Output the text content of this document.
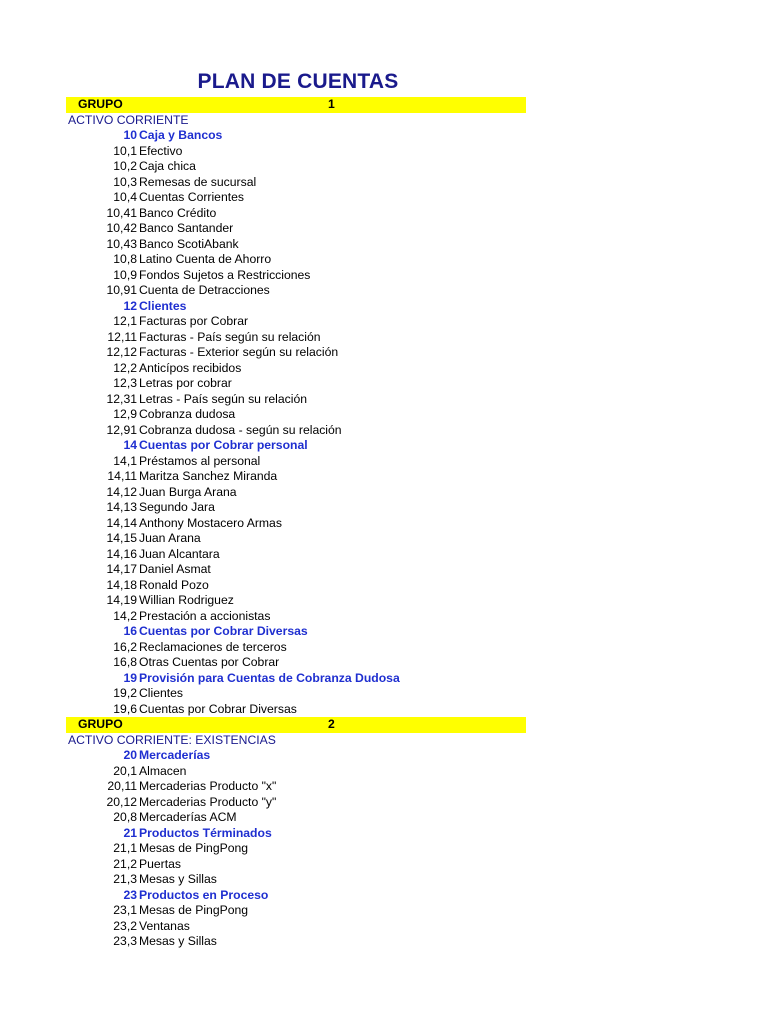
PLAN DE CUENTAS
GRUPO	1
ACTIVO CORRIENTE
10 Caja y Bancos
10,1 Efectivo
10,2 Caja chica
10,3 Remesas de sucursal
10,4 Cuentas Corrientes
10,41 Banco Crédito
10,42 Banco Santander
10,43 Banco ScotiAbank
10,8 Latino Cuenta de Ahorro
10,9 Fondos Sujetos a Restricciones
10,91 Cuenta de Detracciones
12 Clientes
12,1 Facturas por Cobrar
12,11 Facturas - País según su relación
12,12 Facturas - Exterior según su relación
12,2 Anticípos recibidos
12,3 Letras por cobrar
12,31 Letras - País según su relación
12,9 Cobranza dudosa
12,91 Cobranza dudosa - según su relación
14 Cuentas por Cobrar personal
14,1 Préstamos al personal
14,11 Maritza Sanchez Miranda
14,12 Juan Burga Arana
14,13 Segundo Jara
14,14 Anthony Mostacero Armas
14,15 Juan Arana
14,16 Juan Alcantara
14,17 Daniel Asmat
14,18 Ronald Pozo
14,19 Willian Rodriguez
14,2 Prestación a accionistas
16 Cuentas por Cobrar Diversas
16,2 Reclamaciones de terceros
16,8 Otras Cuentas por Cobrar
19 Provisión para Cuentas de Cobranza Dudosa
19,2 Clientes
19,6 Cuentas por Cobrar Diversas
GRUPO	2
ACTIVO CORRIENTE: EXISTENCIAS
20 Mercaderías
20,1 Almacen
20,11 Mercaderias Producto "x"
20,12 Mercaderias Producto "y"
20,8 Mercaderías ACM
21 Productos Términados
21,1 Mesas de PingPong
21,2 Puertas
21,3 Mesas y Sillas
23 Productos en Proceso
23,1 Mesas de PingPong
23,2 Ventanas
23,3 Mesas y Sillas
